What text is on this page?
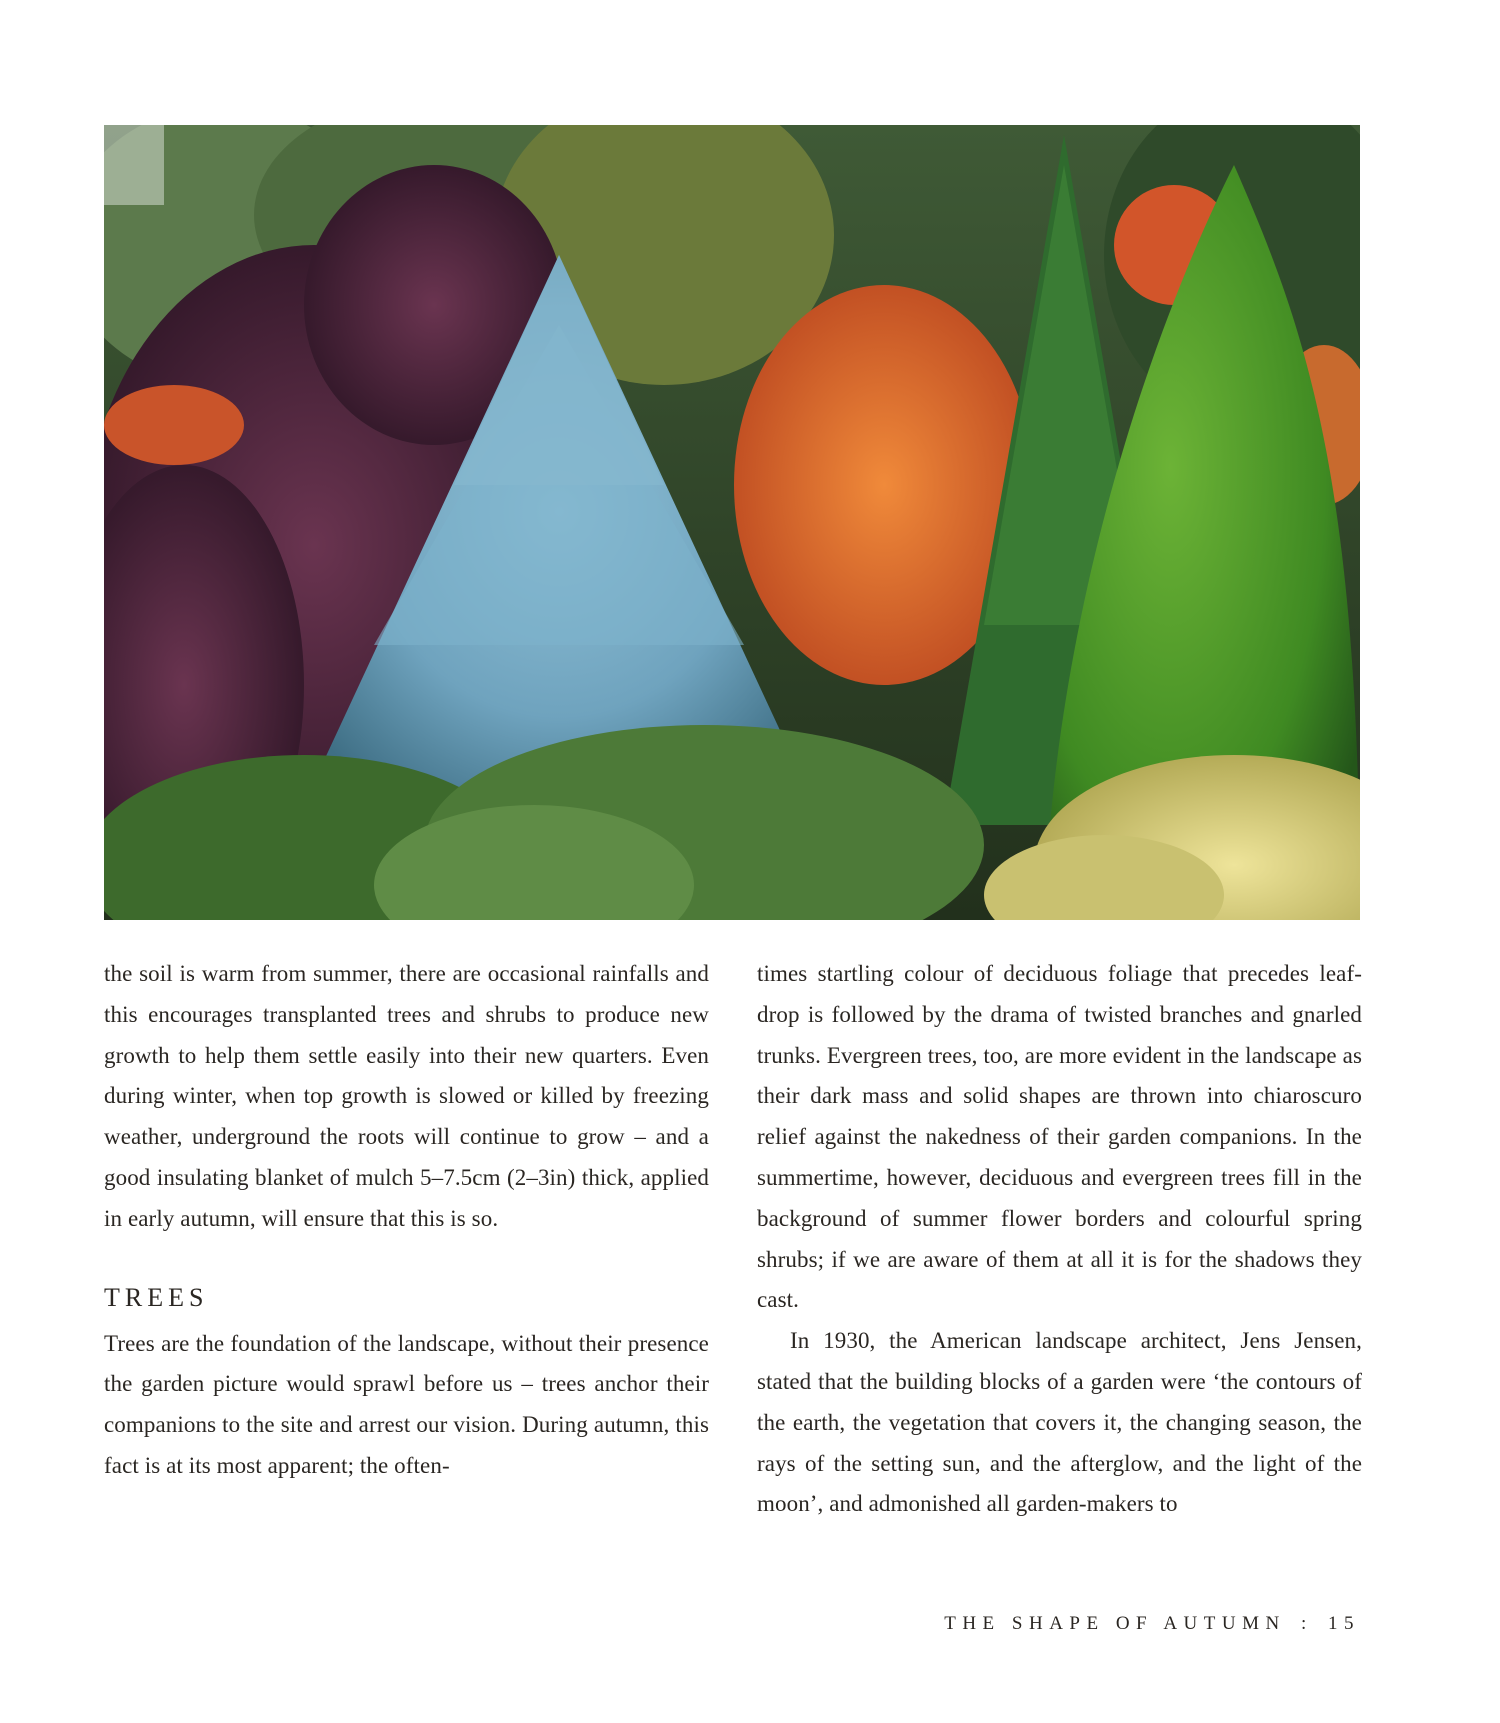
the soil is warm from summer, there are occasional rainfalls and this encourages transplanted trees and shrubs to produce new growth to help them settle easily into their new quarters. Even during winter, when top growth is slowed or killed by freezing weather, underground the roots will continue to grow – and a good insulating blanket of mulch 5–7.5cm (2–3in) thick, applied in early autumn, will ensure that this is so.

TREES

Trees are the foundation of the landscape, without their presence the garden picture would sprawl before us – trees anchor their companions to the site and arrest our vision. During autumn, this fact is at its most apparent; the often-

times startling colour of deciduous foliage that precedes leaf-drop is followed by the drama of twisted branches and gnarled trunks. Evergreen trees, too, are more evident in the landscape as their dark mass and solid shapes are thrown into chiaroscuro relief against the nakedness of their garden companions. In the summertime, however, deciduous and evergreen trees fill in the background of summer flower borders and colourful spring shrubs; if we are aware of them at all it is for the shadows they cast.

In 1930, the American landscape architect, Jens Jensen, stated that the building blocks of a garden were ‘the contours of the earth, the vegetation that covers it, the changing season, the rays of the setting sun, and the afterglow, and the light of the moon’, and admonished all garden-makers to

THE SHAPE OF AUTUMN : 15
